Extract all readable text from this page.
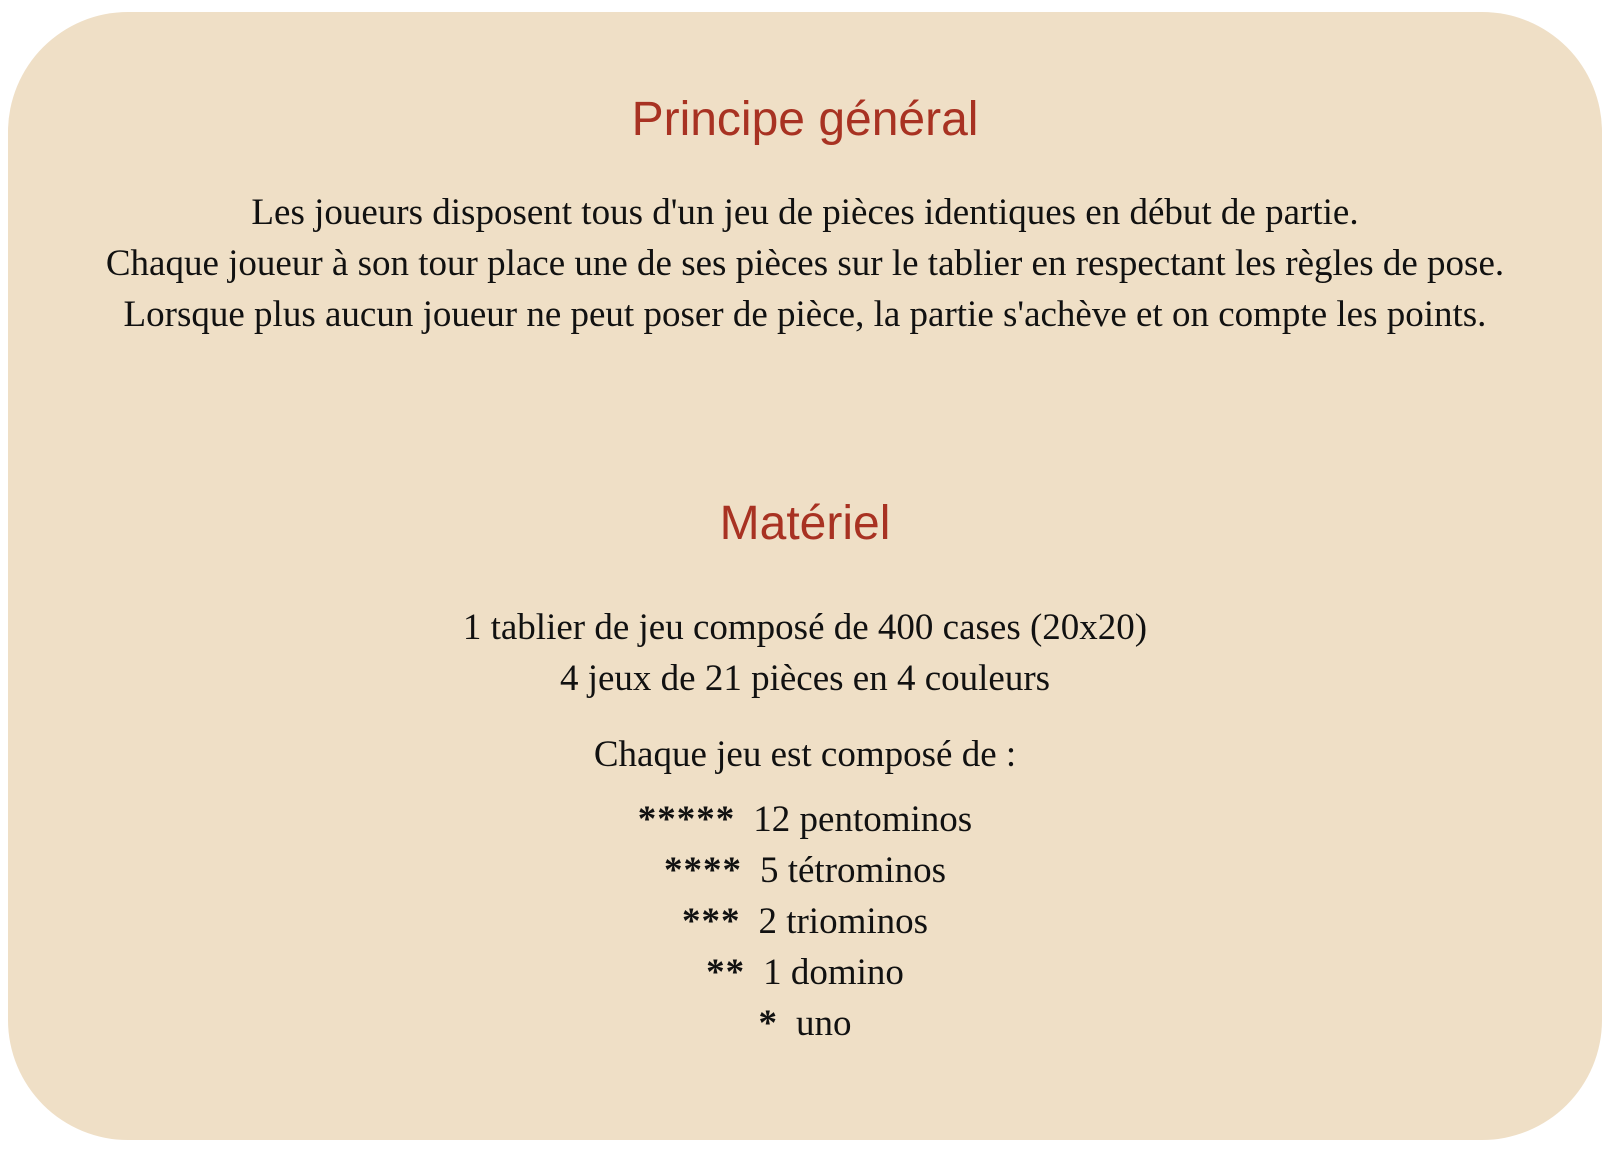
Principe général

Les joueurs disposent tous d'un jeu de pièces identiques en début de partie.

Chaque joueur à son tour place une de ses pièces sur le tablier en respectant les règles de pose.

Lorsque plus aucun joueur ne peut poser de pièce, la partie s'achève et on compte les points.

Matériel

1 tablier de jeu composé de 400 cases (20x20)

4 jeux de 21 pièces en 4 couleurs

Chaque jeu est composé de :

***** 12 pentominos

**** 5 tétrominos

*** 2 triominos

** 1 domino

* uno
